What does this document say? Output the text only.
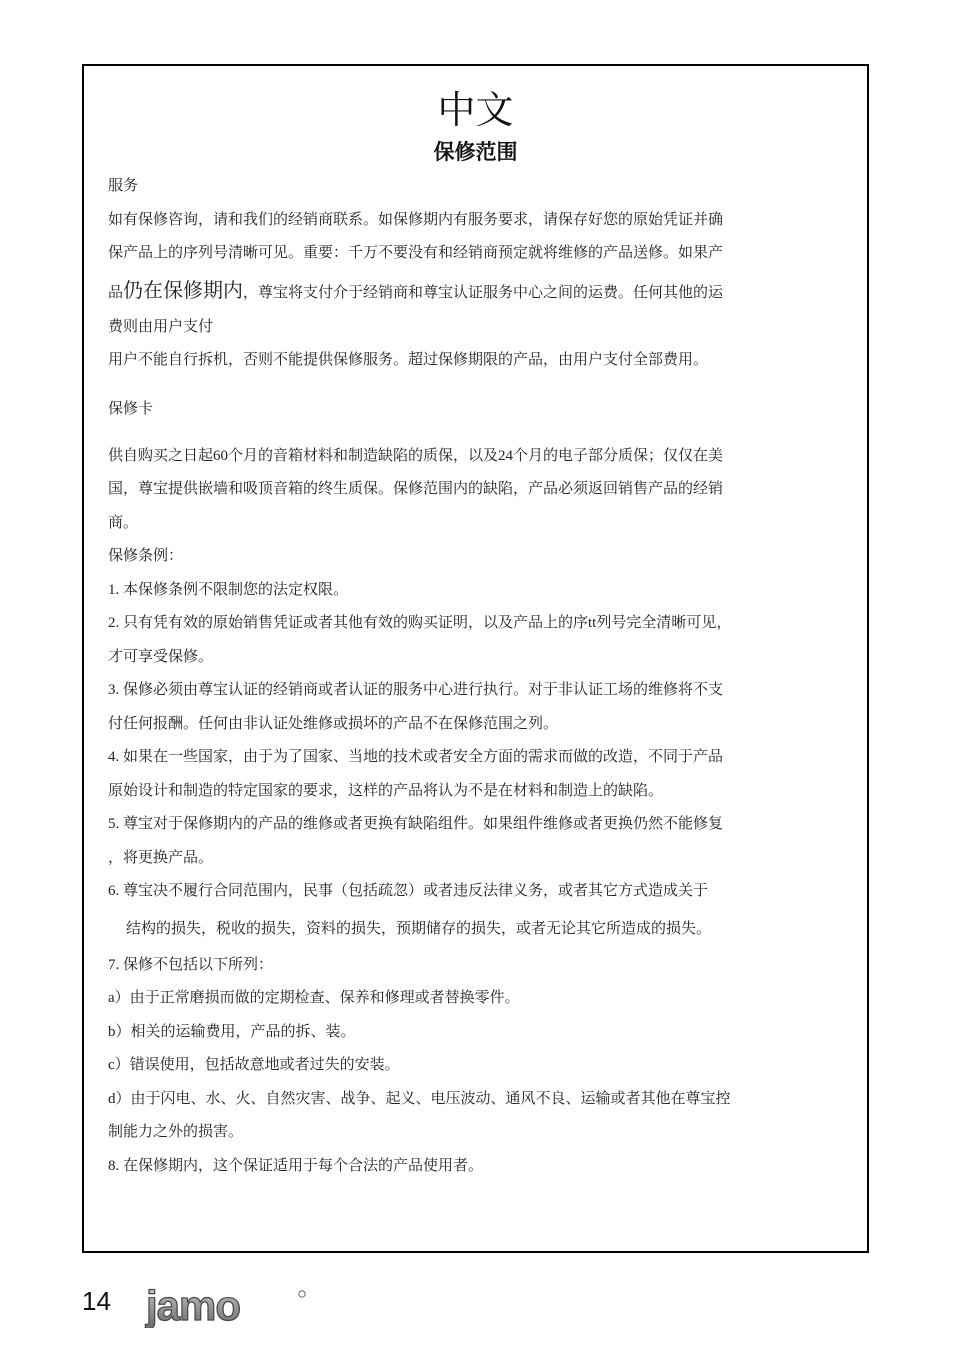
中文
保修范围
服务
如有保修咨询，请和我们的经销商联系。如保修期内有服务要求，请保存好您的原始凭证并确
保产品上的序列号清晰可见。重要：千万不要没有和经销商预定就将维修的产品送修。如果产
品仍在保修期内，尊宝将支付介于经销商和尊宝认证服务中心之间的运费。任何其他的运
费则由用户支付
用户不能自行拆机，否则不能提供保修服务。超过保修期限的产品，由用户支付全部费用。
保修卡
供自购买之日起60个月的音箱材料和制造缺陷的质保，以及24个月的电子部分质保；仅仅在美
国，尊宝提供嵌墙和吸顶音箱的终生质保。保修范围内的缺陷，产品必须返回销售产品的经销
商。
保修条例：
1. 本保修条例不限制您的法定权限。
2. 只有凭有效的原始销售凭证或者其他有效的购买证明，以及产品上的序tt列号完全清晰可见，
才可享受保修。
3. 保修必须由尊宝认证的经销商或者认证的服务中心进行执行。对于非认证工场的维修将不支
付任何报酬。任何由非认证处维修或损坏的产品不在保修范围之列。
4. 如果在一些国家，由于为了国家、当地的技术或者安全方面的需求而做的改造，不同于产品
原始设计和制造的特定国家的要求，这样的产品将认为不是在材料和制造上的缺陷。
5. 尊宝对于保修期内的产品的维修或者更换有缺陷组件。如果组件维修或者更换仍然不能修复
，将更换产品。
6. 尊宝决不履行合同范围内，民事（包括疏忽）或者违反法律义务，或者其它方式造成关于
结构的损失，税收的损失，资料的损失，预期储存的损失，或者无论其它所造成的损失。
7. 保修不包括以下所列：
a）由于正常磨损而做的定期检查、保养和修理或者替换零件。
b）相关的运输费用，产品的拆、装。
c）错误使用，包括故意地或者过失的安装。
d）由于闪电、水、火、自然灾害、战争、起义、电压波动、通风不良、运输或者其他在尊宝控
制能力之外的损害。
8. 在保修期内，这个保证适用于每个合法的产品使用者。
14 jamo
